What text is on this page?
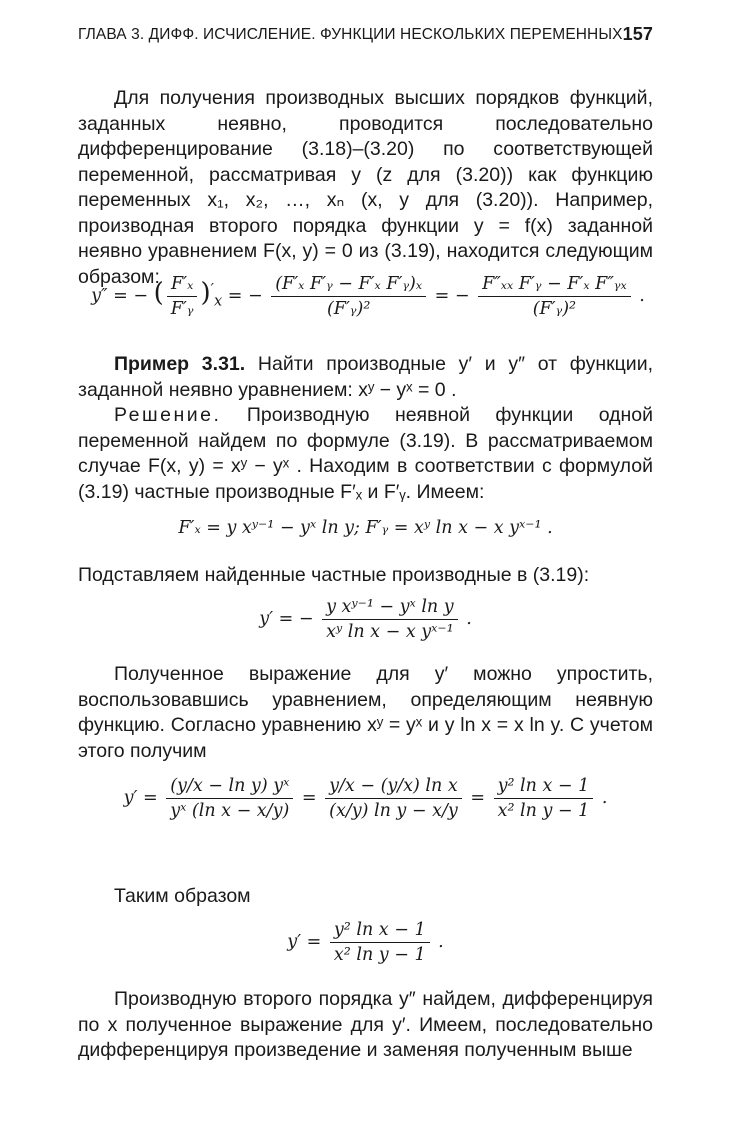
ГЛАВА 3. ДИФФ. ИСЧИСЛЕНИЕ. ФУНКЦИИ НЕСКОЛЬКИХ ПЕРЕМЕННЫХ 157
Для получения производных высших порядков функций, заданных неявно, проводится последовательно дифференцирование (3.18)–(3.20) по соответствующей переменной, рассматривая y (z для (3.20)) как функцию переменных x₁, x₂, …, xₙ (x, y для (3.20)). Например, производная второго порядка функции y = f(x) заданной неявно уравнением F(x, y) = 0 из (3.19), находится следующим образом:
y″ = − ( $\frac{\text{F′ₓ}}{\text{F′ᵧ}} )'_x$ = − $\frac{\text{(F′ₓ F′ᵧ − F′ₓ F′ᵧ)ₓ}}{\text{(F′ᵧ)²}}$ = − $\frac{\text{F″ₓₓ F′ᵧ − F′ₓ F″ᵧₓ}}{\text{(F′ᵧ)²}}$ .
Пример 3.31. Найти производные y′ и y″ от функции, заданной неявно уравнением: xʸ − yˣ = 0 .
Решение. Производную неявной функции одной переменной найдем по формуле (3.19). В рассматриваемом случае F(x, y) = xʸ − yˣ . Находим в соответствии с формулой (3.19) частные производные F′ₓ и F′ᵧ. Имеем:
F′ₓ = y xʸ⁻¹ − yˣ ln y; F′ᵧ = xʸ ln x − x yˣ⁻¹ .
Подставляем найденные частные производные в (3.19):
y′ = − $\frac{\text{y xʸ⁻¹ − yˣ ln y}}{\text{xʸ ln x − x yˣ⁻¹}}$ .
Полученное выражение для y′ можно упростить, воспользовавшись уравнением, определяющим неявную функцию. Согласно уравнению xʸ = yˣ и y ln x = x ln y. С учетом этого получим
$y' = \frac{\text{(y/x − ln y) yˣ}}{\text{yˣ (ln x − x/y)}} = \frac{\text{y/x − (y/x) ln x}}{\text{(x/y) ln y − x/y}} = \frac{\text{y² ln x − 1}}{\text{x² ln y − 1}}$ .
Таким образом
$y' = \frac{\text{y² ln x − 1}}{\text{x² ln y − 1}}$ .
Производную второго порядка y″ найдем, дифференцируя по x полученное выражение для y′. Имеем, последовательно дифференцируя произведение и заменяя полученным выше
